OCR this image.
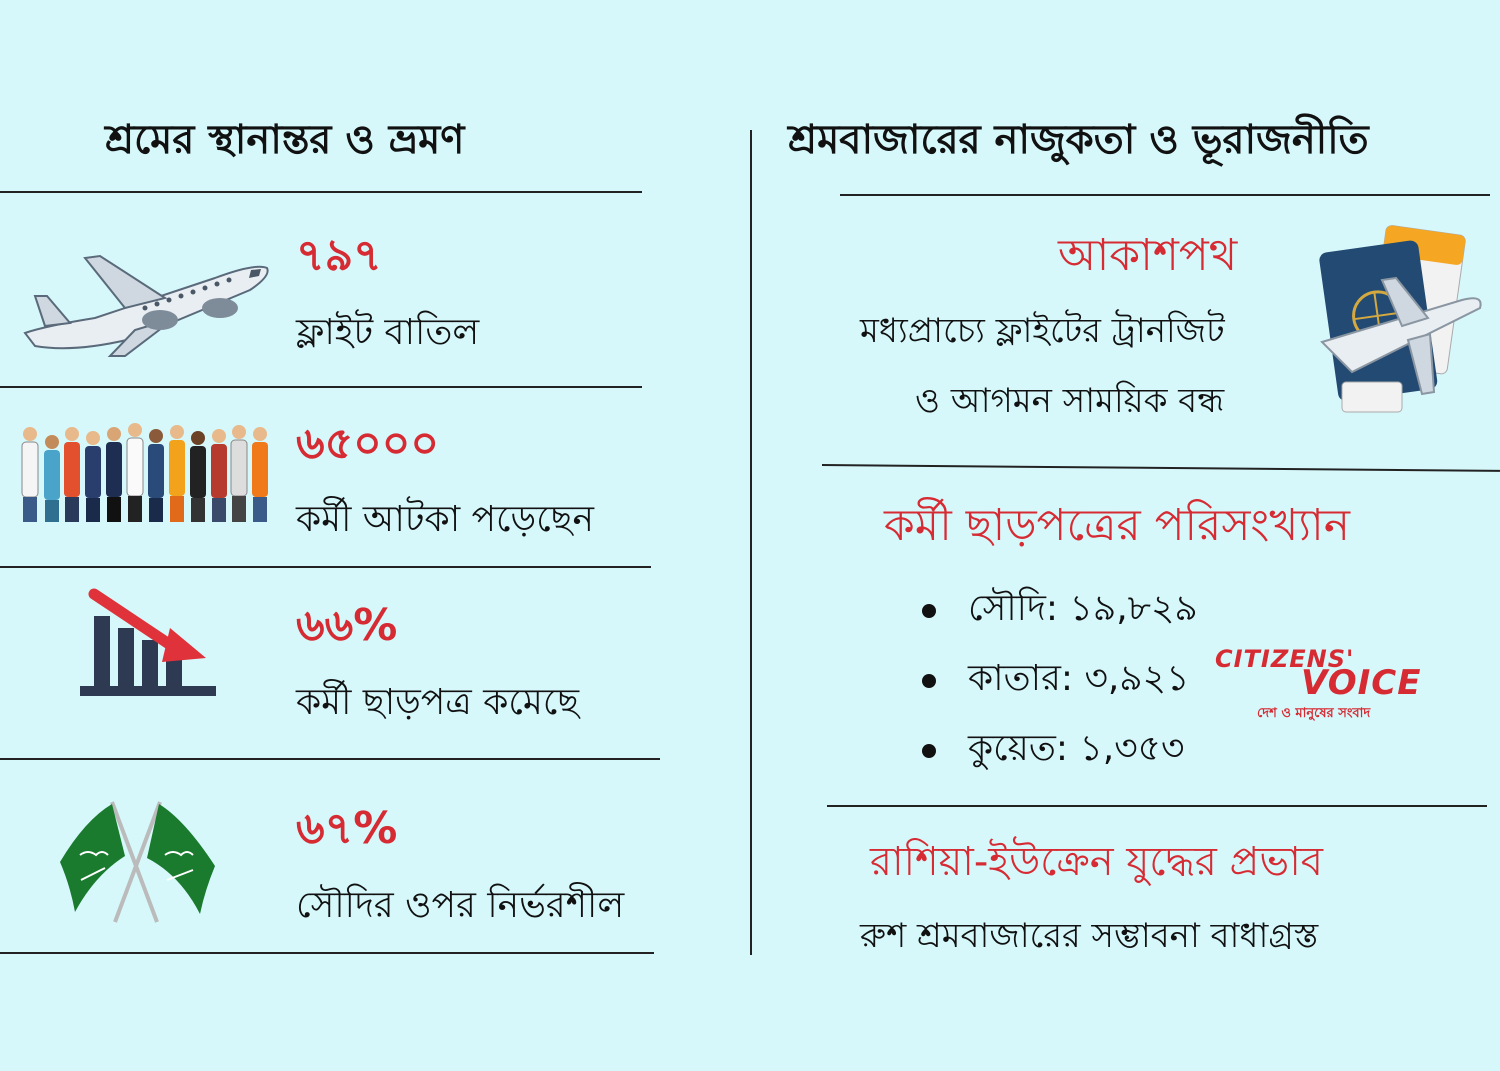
শ্রমের স্থানান্তর ও ভ্রমণ
৭৯৭
ফ্লাইট বাতিল
৬৫০০০
কর্মী আটকা পড়েছেন
৬৬%
কর্মী ছাড়পত্র কমেছে
৬৭%
সৌদির ওপর নির্ভরশীল
শ্রমবাজারের নাজুকতা ও ভূরাজনীতি
আকাশপথ
মধ্যপ্রাচ্যে ফ্লাইটের ট্রানজিট
ও আগমন সাময়িক বন্ধ
কর্মী ছাড়পত্রের পরিসংখ্যান
সৌদি: ১৯,৮২৯
কাতার: ৩,৯২১
কুয়েত: ১,৩৫৩
CITIZENS'
VOICE
দেশ ও মানুষের সংবাদ
রাশিয়া-ইউক্রেন যুদ্ধের প্রভাব
রুশ শ্রমবাজারের সম্ভাবনা বাধাগ্রস্ত
